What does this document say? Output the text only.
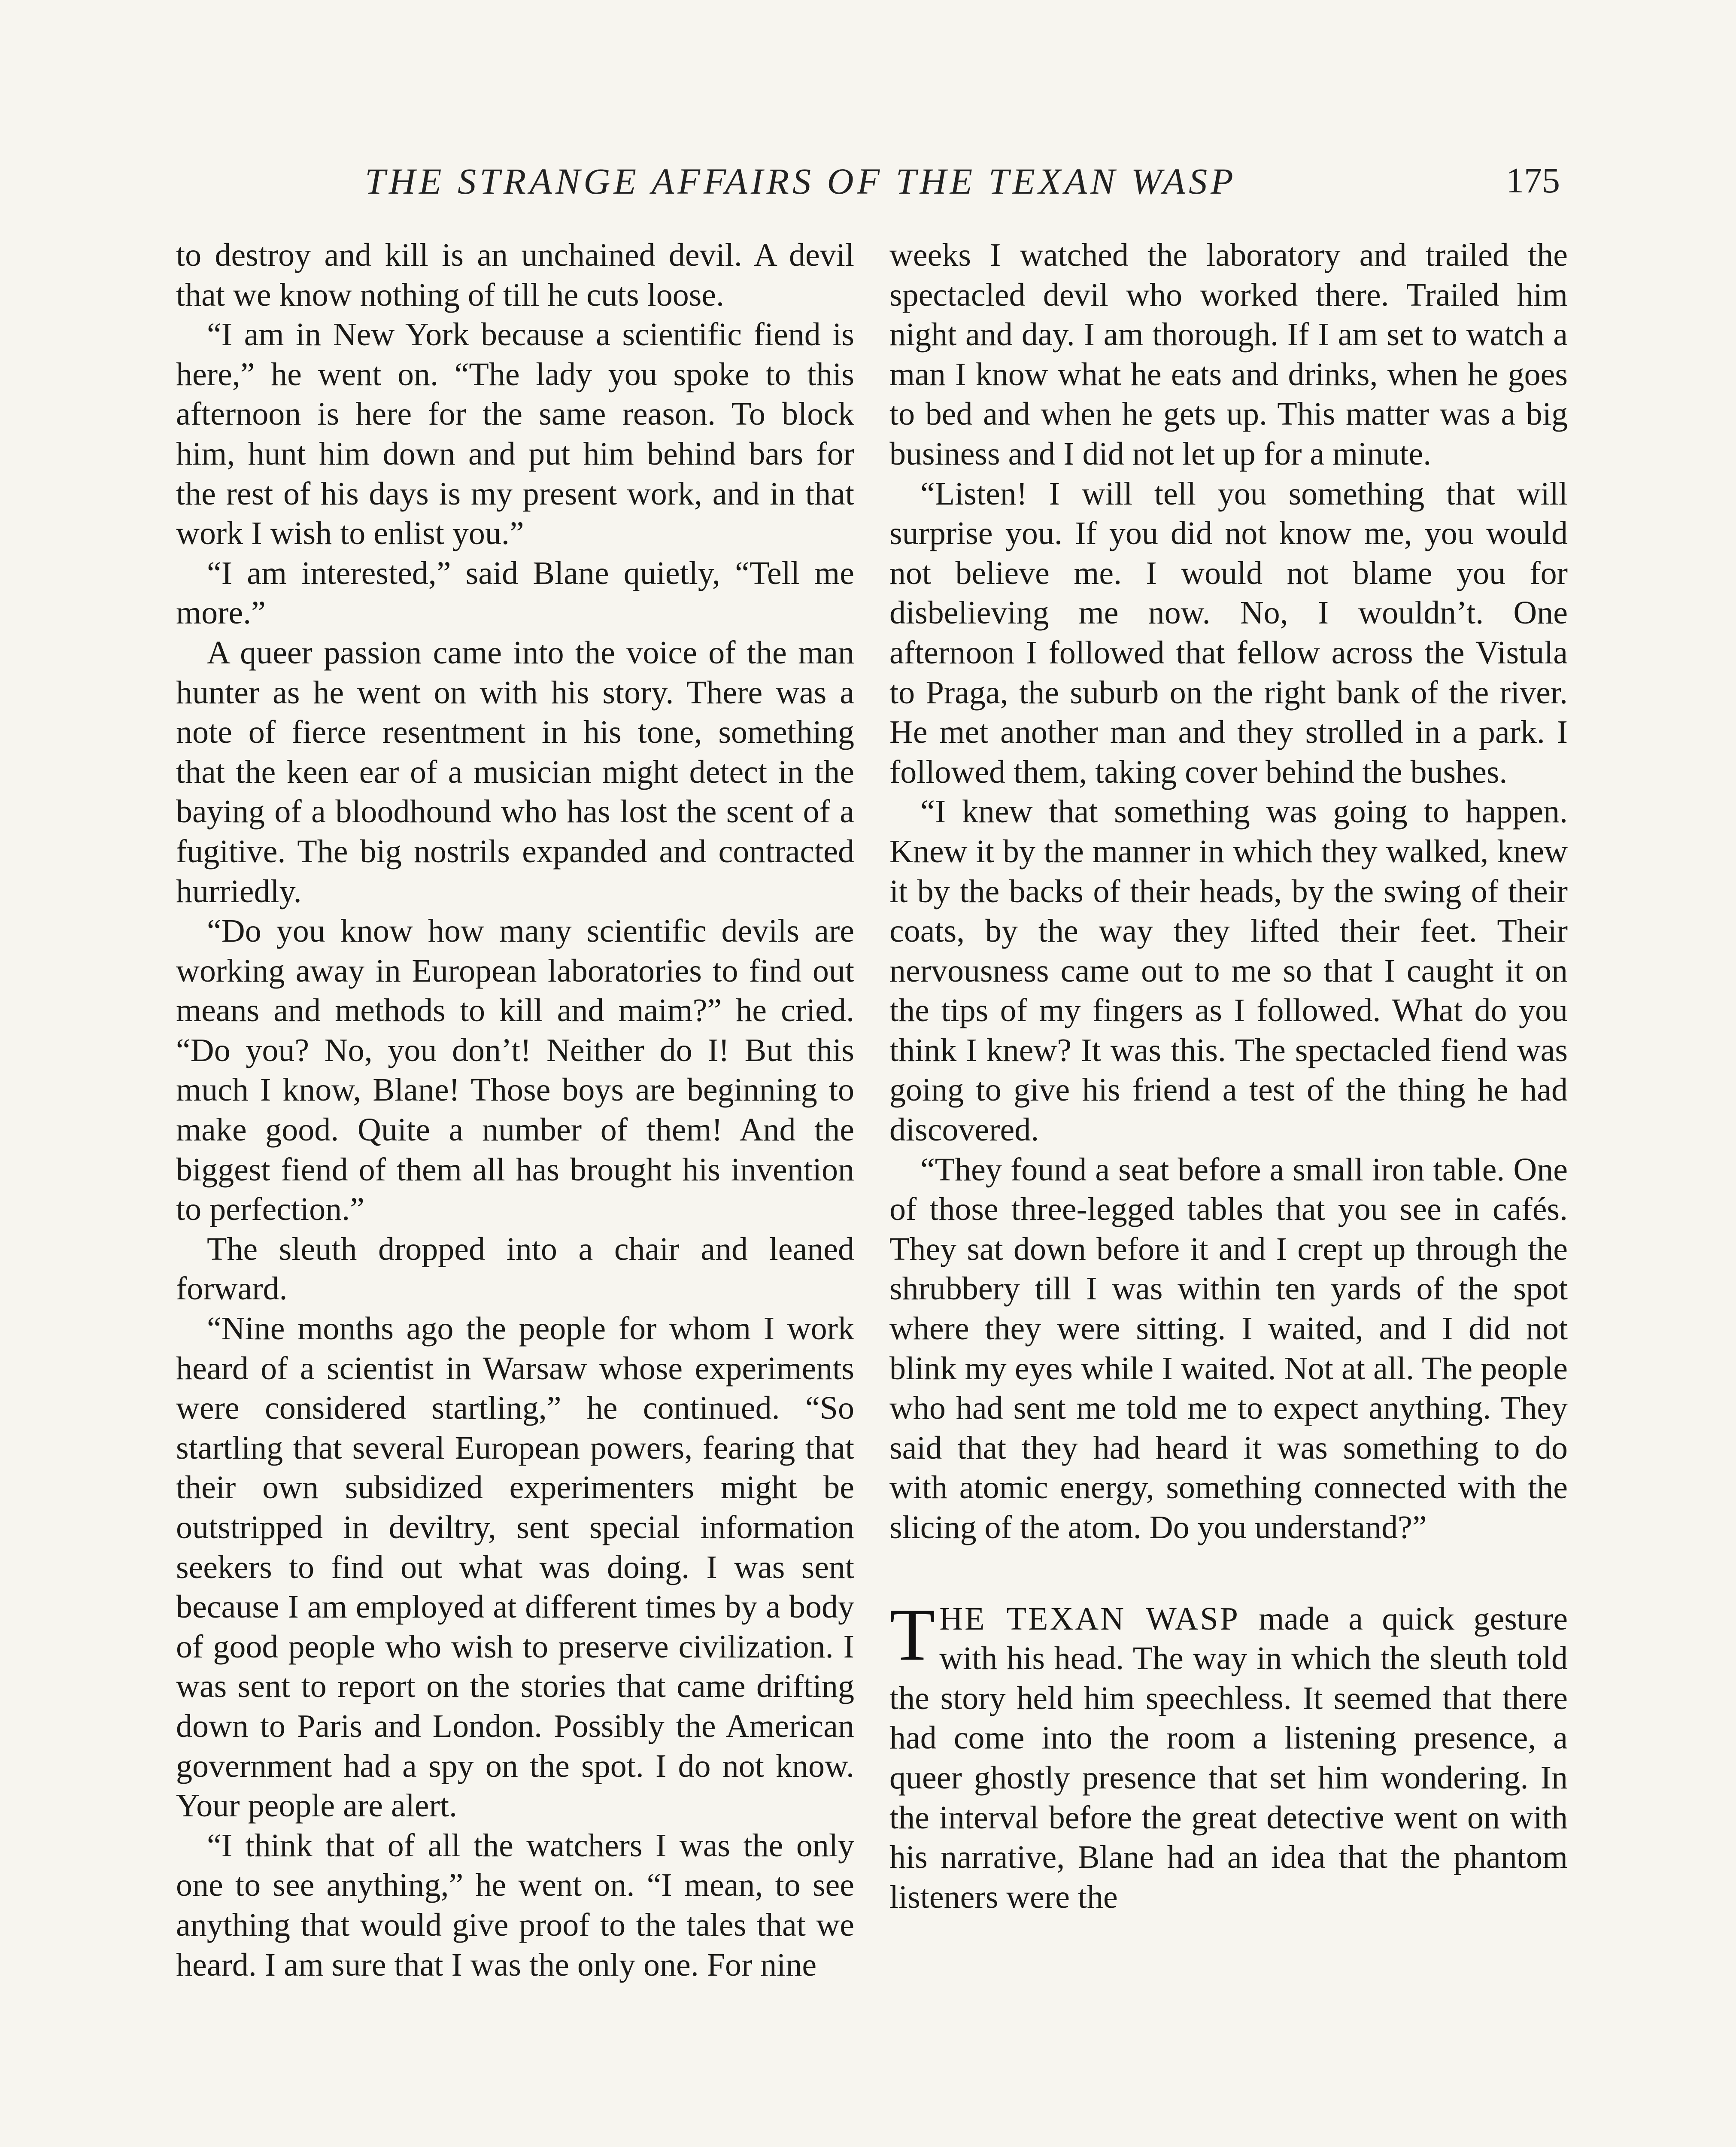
THE STRANGE AFFAIRS OF THE TEXAN WASP	175

to destroy and kill is an unchained devil. A devil that we know nothing of till he cuts loose.

“I am in New York because a scientific fiend is here,” he went on. “The lady you spoke to this afternoon is here for the same reason. To block him, hunt him down and put him behind bars for the rest of his days is my present work, and in that work I wish to enlist you.”

“I am interested,” said Blane quietly, “Tell me more.”

A queer passion came into the voice of the man hunter as he went on with his story. There was a note of fierce resentment in his tone, something that the keen ear of a musician might detect in the baying of a bloodhound who has lost the scent of a fugitive. The big nostrils expanded and contracted hurriedly.

“Do you know how many scientific devils are working away in European laboratories to find out means and methods to kill and maim?” he cried. “Do you? No, you don’t! Neither do I! But this much I know, Blane! Those boys are beginning to make good. Quite a number of them! And the biggest fiend of them all has brought his invention to perfection.”

The sleuth dropped into a chair and leaned forward.

“Nine months ago the people for whom I work heard of a scientist in Warsaw whose experiments were considered startling,” he continued. “So startling that several European powers, fearing that their own subsidized experimenters might be outstripped in deviltry, sent special information seekers to find out what was doing. I was sent because I am employed at different times by a body of good people who wish to preserve civilization. I was sent to report on the stories that came drifting down to Paris and London. Possibly the American government had a spy on the spot. I do not know. Your people are alert.

“I think that of all the watchers I was the only one to see anything,” he went on. “I mean, to see anything that would give proof to the tales that we heard. I am sure that I was the only one. For nine

weeks I watched the laboratory and trailed the spectacled devil who worked there. Trailed him night and day. I am thorough. If I am set to watch a man I know what he eats and drinks, when he goes to bed and when he gets up. This matter was a big business and I did not let up for a minute.

“Listen! I will tell you something that will surprise you. If you did not know me, you would not believe me. I would not blame you for disbelieving me now. No, I wouldn’t. One afternoon I followed that fellow across the Vistula to Praga, the suburb on the right bank of the river. He met another man and they strolled in a park. I followed them, taking cover behind the bushes.

“I knew that something was going to happen. Knew it by the manner in which they walked, knew it by the backs of their heads, by the swing of their coats, by the way they lifted their feet. Their nervousness came out to me so that I caught it on the tips of my fingers as I followed. What do you think I knew? It was this. The spectacled fiend was going to give his friend a test of the thing he had discovered.

“They found a seat before a small iron table. One of those three-legged tables that you see in cafés. They sat down before it and I crept up through the shrubbery till I was within ten yards of the spot where they were sitting. I waited, and I did not blink my eyes while I waited. Not at all. The people who had sent me told me to expect anything. They said that they had heard it was something to do with atomic energy, something connected with the slicing of the atom. Do you understand?”

THE TEXAN WASP made a quick gesture with his head. The way in which the sleuth told the story held him speechless. It seemed that there had come into the room a listening presence, a queer ghostly presence that set him wondering. In the interval before the great detective went on with his narrative, Blane had an idea that the phantom listeners were the
